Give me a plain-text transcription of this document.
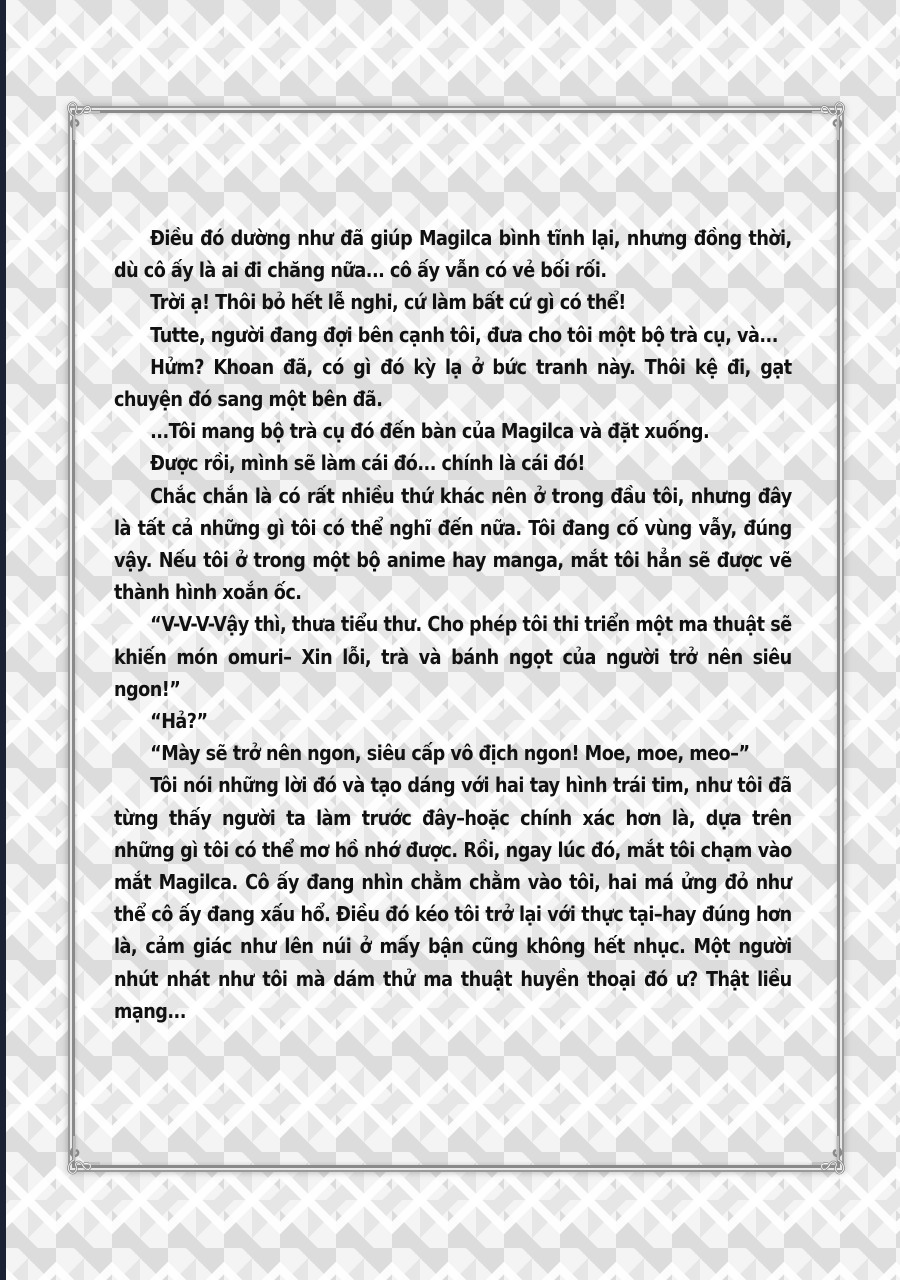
Điều đó dường như đã giúp Magilca bình tĩnh lại, nhưng đồng thời, dù cô ấy là ai đi chăng nữa... cô ấy vẫn có vẻ bối rối.

Trời ạ! Thôi bỏ hết lễ nghi, cứ làm bất cứ gì có thể!

Tutte, người đang đợi bên cạnh tôi, đưa cho tôi một bộ trà cụ, và...

Hửm? Khoan đã, có gì đó kỳ lạ ở bức tranh này. Thôi kệ đi, gạt chuyện đó sang một bên đã.

...Tôi mang bộ trà cụ đó đến bàn của Magilca và đặt xuống.

Được rồi, mình sẽ làm cái đó... chính là cái đó!

Chắc chắn là có rất nhiều thứ khác nên ở trong đầu tôi, nhưng đây là tất cả những gì tôi có thể nghĩ đến nữa. Tôi đang cố vùng vẫy, đúng vậy. Nếu tôi ở trong một bộ anime hay manga, mắt tôi hẳn sẽ được vẽ thành hình xoắn ốc.

“V-V-V-Vậy thì, thưa tiểu thư. Cho phép tôi thi triển một ma thuật sẽ khiến món omuri– Xin lỗi, trà và bánh ngọt của người trở nên siêu ngon!”

“Hả?”

“Mày sẽ trở nên ngon, siêu cấp vô địch ngon! Moe, moe, meo–”

Tôi nói những lời đó và tạo dáng với hai tay hình trái tim, như tôi đã từng thấy người ta làm trước đây–hoặc chính xác hơn là, dựa trên những gì tôi có thể mơ hồ nhớ được. Rồi, ngay lúc đó, mắt tôi chạm vào mắt Magilca. Cô ấy đang nhìn chằm chằm vào tôi, hai má ửng đỏ như thể cô ấy đang xấu hổ. Điều đó kéo tôi trở lại với thực tại–hay đúng hơn là, cảm giác như lên núi ở mấy bận cũng không hết nhục. Một người nhút nhát như tôi mà dám thử ma thuật huyền thoại đó ư? Thật liều mạng...
